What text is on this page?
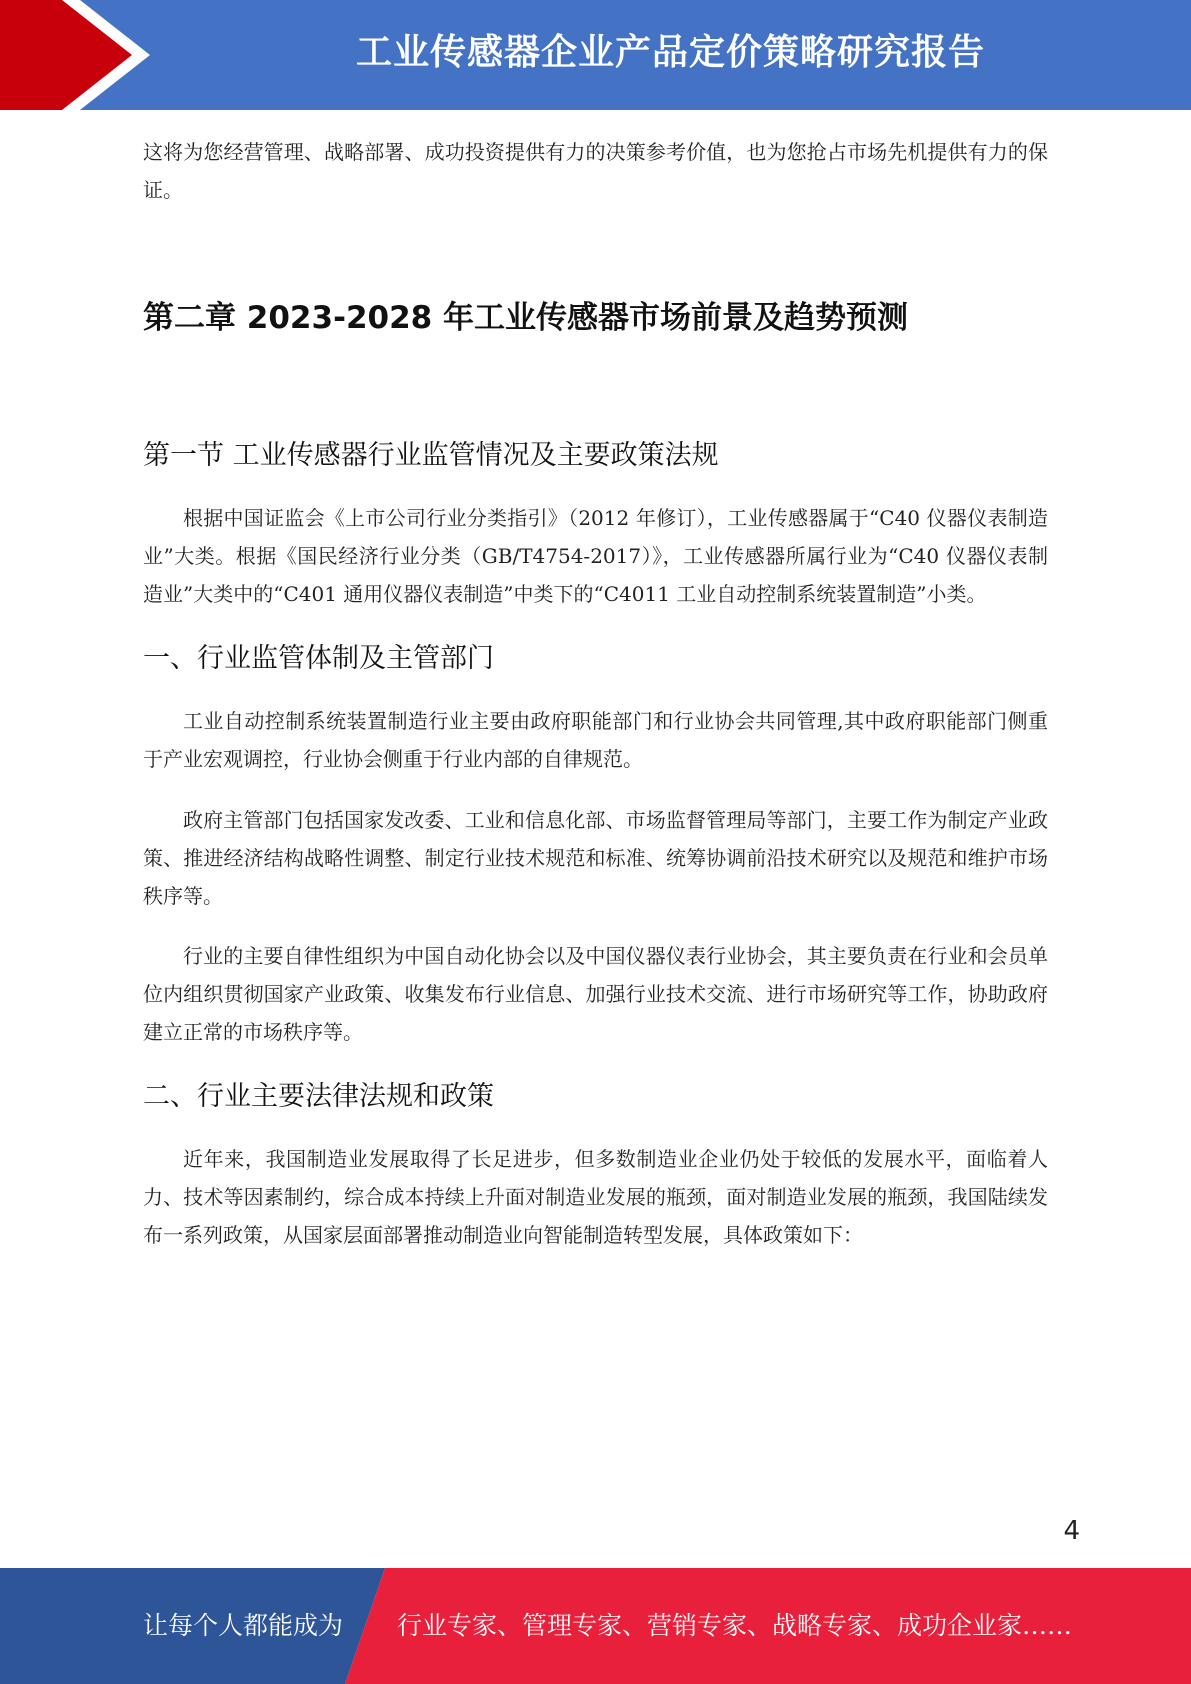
工业传感器企业产品定价策略研究报告

这将为您经营管理、战略部署、成功投资提供有力的决策参考价值，也为您抢占市场先机提供有力的保证。

第二章 2023-2028 年工业传感器市场前景及趋势预测
第一节 工业传感器行业监管情况及主要政策法规

根据中国证监会《上市公司行业分类指引》（2012 年修订），工业传感器属于“C40 仪器仪表制造业”大类。根据《国民经济行业分类（GB/T4754-2017）》，工业传感器所属行业为“C40 仪器仪表制造业”大类中的“C401 通用仪器仪表制造”中类下的“C4011 工业自动控制系统装置制造”小类。

一、行业监管体制及主管部门

工业自动控制系统装置制造行业主要由政府职能部门和行业协会共同管理,其中政府职能部门侧重于产业宏观调控，行业协会侧重于行业内部的自律规范。

政府主管部门包括国家发改委、工业和信息化部、市场监督管理局等部门，主要工作为制定产业政策、推进经济结构战略性调整、制定行业技术规范和标准、统筹协调前沿技术研究以及规范和维护市场秩序等。

行业的主要自律性组织为中国自动化协会以及中国仪器仪表行业协会，其主要负责在行业和会员单位内组织贯彻国家产业政策、收集发布行业信息、加强行业技术交流、进行市场研究等工作，协助政府建立正常的市场秩序等。

二、行业主要法律法规和政策

近年来，我国制造业发展取得了长足进步，但多数制造业企业仍处于较低的发展水平，面临着人力、技术等因素制约，综合成本持续上升面对制造业发展的瓶颈，面对制造业发展的瓶颈，我国陆续发布一系列政策，从国家层面部署推动制造业向智能制造转型发展，具体政策如下：

4
让每个人都能成为 行业专家、管理专家、营销专家、战略专家、成功企业家……
